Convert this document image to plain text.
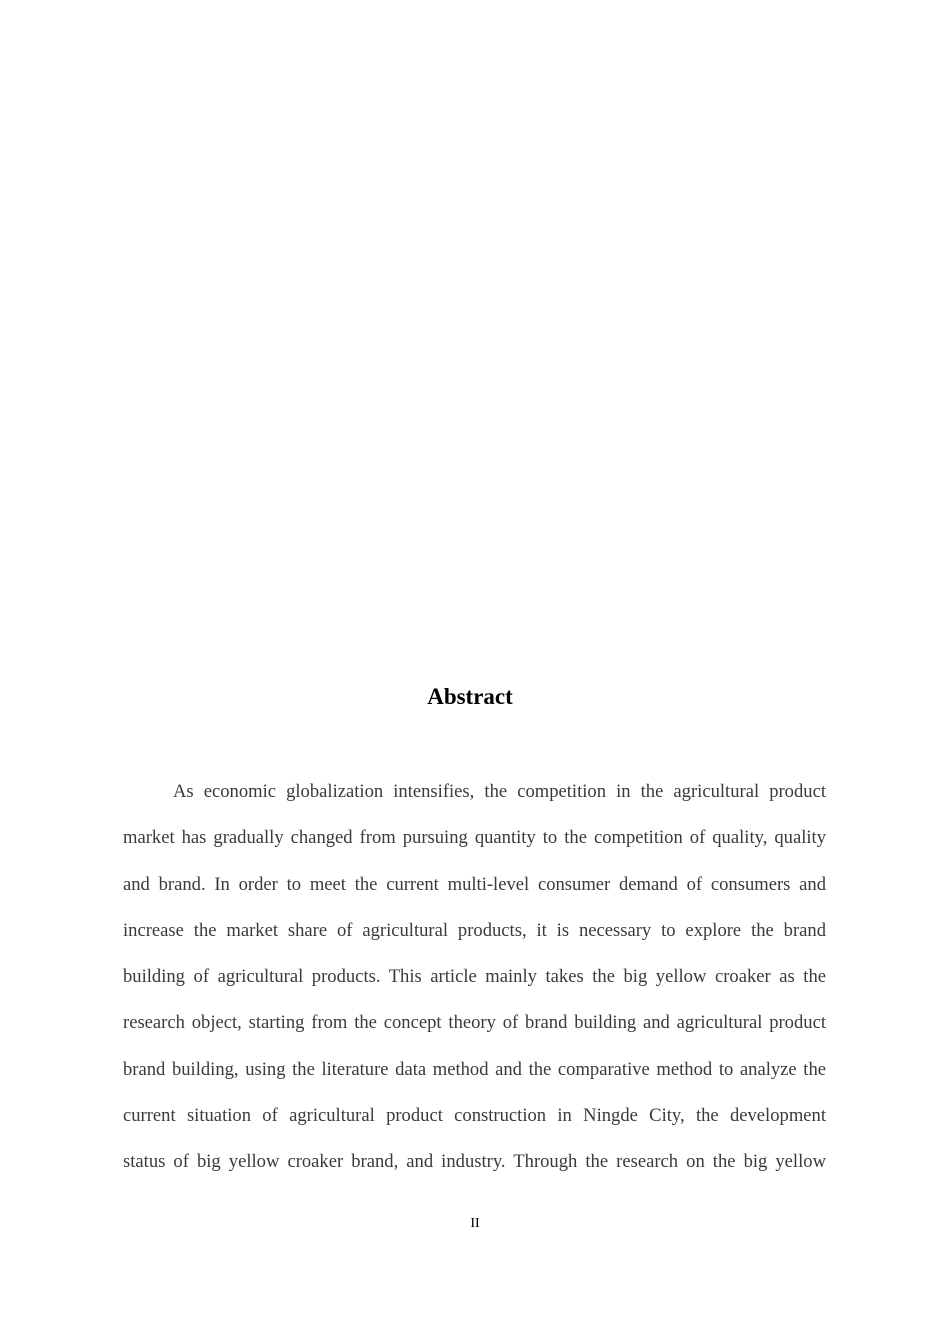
Abstract
As economic globalization intensifies, the competition in the agricultural product
market has gradually changed from pursuing quantity to the competition of quality, quality
and brand. In order to meet the current multi-level consumer demand of consumers and
increase the market share of agricultural products, it is necessary to explore the brand
building of agricultural products. This article mainly takes the big yellow croaker as the
research object, starting from the concept theory of brand building and agricultural product
brand building, using the literature data method and the comparative method to analyze the
current situation of agricultural product construction in Ningde City, the development
status of big yellow croaker brand, and industry. Through the research on the big yellow
II
